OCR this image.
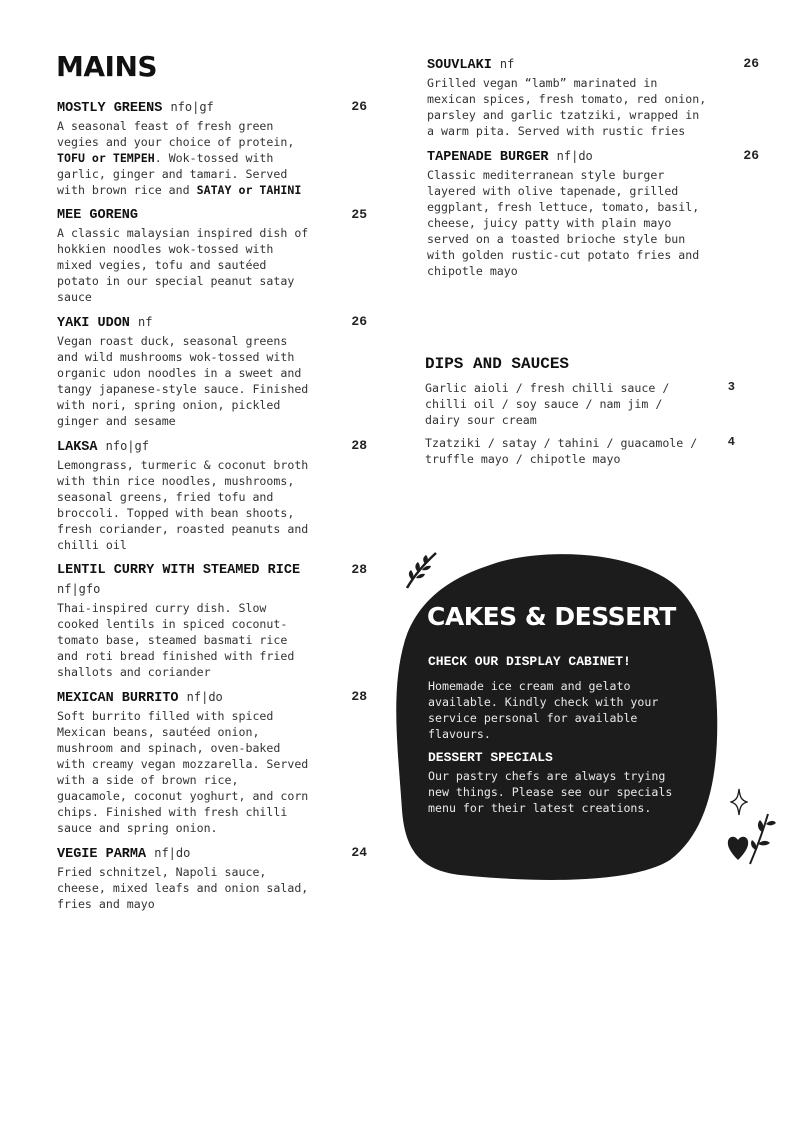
MAINS
MOSTLY GREENS nfo|gf	26
A seasonal feast of fresh green vegies and your choice of protein, TOFU or TEMPEH. Wok-tossed with garlic, ginger and tamari. Served with brown rice and SATAY or TAHINI
MEE GORENG	25
A classic malaysian inspired dish of hokkien noodles wok-tossed with mixed vegies, tofu and sautéed potato in our special peanut satay sauce
YAKI UDON nf	26
Vegan roast duck, seasonal greens and wild mushrooms wok-tossed with organic udon noodles in a sweet and tangy japanese-style sauce. Finished with nori, spring onion, pickled ginger and sesame
LAKSA nfo|gf	28
Lemongrass, turmeric & coconut broth with thin rice noodles, mushrooms, seasonal greens, fried tofu and broccoli. Topped with bean shoots, fresh coriander, roasted peanuts and chilli oil
LENTIL CURRY WITH STEAMED RICE nf|gfo
28
Thai-inspired curry dish. Slow cooked lentils in spiced coconut-tomato base, steamed basmati rice and roti bread finished with fried shallots and coriander
MEXICAN BURRITO nf|do	28
Soft burrito filled with spiced Mexican beans, sautéed onion, mushroom and spinach, oven-baked with creamy vegan mozzarella. Served with a side of brown rice, guacamole, coconut yoghurt, and corn chips. Finished with fresh chilli sauce and spring onion.
VEGIE PARMA nf|do	24
Fried schnitzel, Napoli sauce, cheese, mixed leafs and onion salad, fries and mayo
SOUVLAKI nf	26
Grilled vegan “lamb” marinated in mexican spices, fresh tomato, red onion, parsley and garlic tzatziki, wrapped in a warm pita. Served with rustic fries
TAPENADE BURGER nf|do	26
Classic mediterranean style burger layered with olive tapenade, grilled eggplant, fresh lettuce, tomato, basil, cheese, juicy patty with plain mayo served on a toasted brioche style bun with golden rustic-cut potato fries and chipotle mayo
DIPS AND SAUCES
Garlic aioli / fresh chilli sauce / chilli oil / soy sauce / nam jim / dairy sour cream
3
Tzatziki / satay / tahini / guacamole / truffle mayo / chipotle mayo
4
CAKES & DESSERT
CHECK OUR DISPLAY CABINET!
Homemade ice cream and gelato available. Kindly check with your service personal for available flavours.
DESSERT SPECIALS
Our pastry chefs are always trying new things. Please see our specials menu for their latest creations.
